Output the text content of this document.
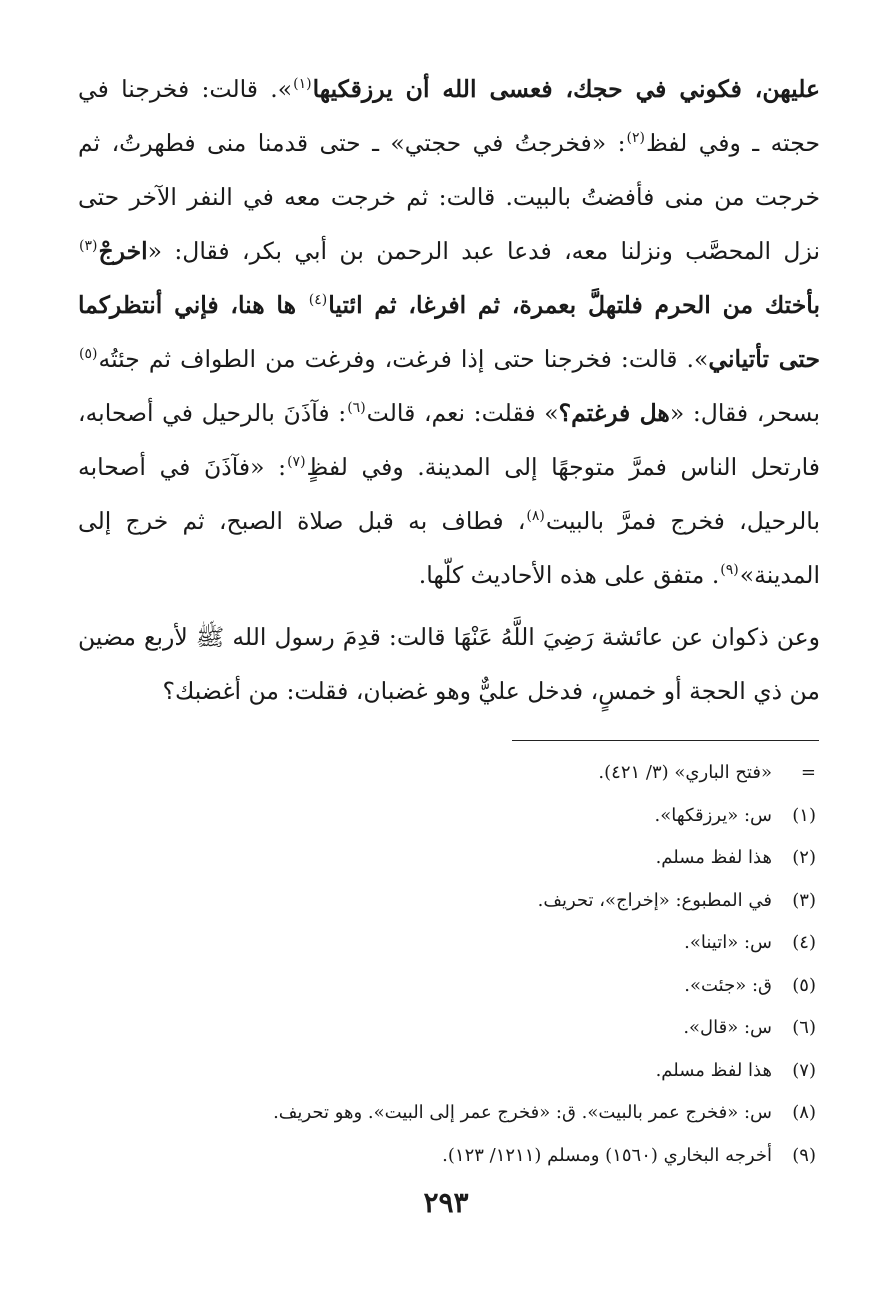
عليهن، فكوني في حجك، فعسى الله أن يرزقكيها$^{(١)}$». قالت: فخرجنا في حجته ـ وفي لفظ$^{(٢)}$: «فخرجتُ في حجتي» ـ حتى قدمنا منى فطهرتُ، ثم خرجت من منى فأفضتُ بالبيت. قالت: ثم خرجت معه في النفر الآخر حتى نزل المحصَّب ونزلنا معه، فدعا عبد الرحمن بن أبي بكر، فقال: «اخرجْ$^{(٣)}$ بأختك من الحرم فلتهلَّ بعمرة، ثم افرغا، ثم ائتيا$^{(٤)}$ ها هنا، فإني أنتظركما حتى تأتياني». قالت: فخرجنا حتى إذا فرغت، وفرغت من الطواف ثم جئتُه$^{(٥)}$ بسحر، فقال: «هل فرغتم؟» فقلت: نعم، قالت$^{(٦)}$: فآذَنَ بالرحيل في أصحابه، فارتحل الناس فمرَّ متوجهًا إلى المدينة. وفي لفظٍ$^{(٧)}$: «فآذَنَ في أصحابه بالرحيل، فخرج فمرَّ بالبيت$^{(٨)}$، فطاف به قبل صلاة الصبح، ثم خرج إلى المدينة»$^{(٩)}$. متفق على هذه الأحاديث كلّها.

وعن ذكوان عن عائشة رَضِيَ اللَّهُ عَنْهَا قالت: قدِمَ رسول الله ﷺ لأربع مضين من ذي الحجة أو خمسٍ، فدخل عليٌّ وهو غضبان، فقلت: من أغضبك؟

=«فتح الباري» (٣/ ٤٢١).
(١)س: «يرزقكها».
(٢)هذا لفظ مسلم.
(٣)في المطبوع: «إخراج»، تحريف.
(٤)س: «اتينا».
(٥)ق: «جئت».
(٦)س: «قال».
(٧)هذا لفظ مسلم.
(٨)س: «فخرج عمر بالبيت». ق: «فخرج عمر إلى البيت». وهو تحريف.
(٩)أخرجه البخاري (١٥٦٠) ومسلم (١٢١١/ ١٢٣).
٢٩٣
